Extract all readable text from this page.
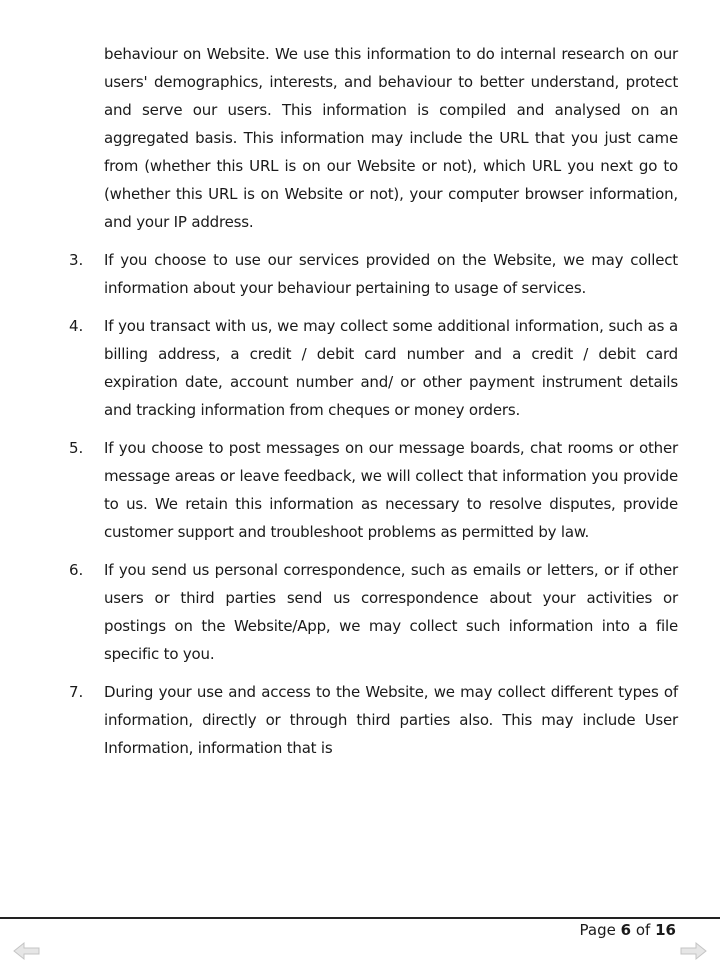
behaviour on Website. We use this information to do internal research on our users' demographics, interests, and behaviour to better understand, protect and serve our users. This information is compiled and analysed on an aggregated basis. This information may include the URL that you just came from (whether this URL is on our Website or not), which URL you next go to (whether this URL is on Website or not), your computer browser information, and your IP address.

3. If you choose to use our services provided on the Website, we may collect information about your behaviour pertaining to usage of services.

4. If you transact with us, we may collect some additional information, such as a billing address, a credit / debit card number and a credit / debit card expiration date, account number and/ or other payment instrument details and tracking information from cheques or money orders.

5. If you choose to post messages on our message boards, chat rooms or other message areas or leave feedback, we will collect that information you provide to us. We retain this information as necessary to resolve disputes, provide customer support and troubleshoot problems as permitted by law.

6. If you send us personal correspondence, such as emails or letters, or if other users or third parties send us correspondence about your activities or postings on the Website/App, we may collect such information into a file specific to you.

7. During your use and access to the Website, we may collect different types of information, directly or through third parties also. This may include User Information, information that is

Page 6 of 16
